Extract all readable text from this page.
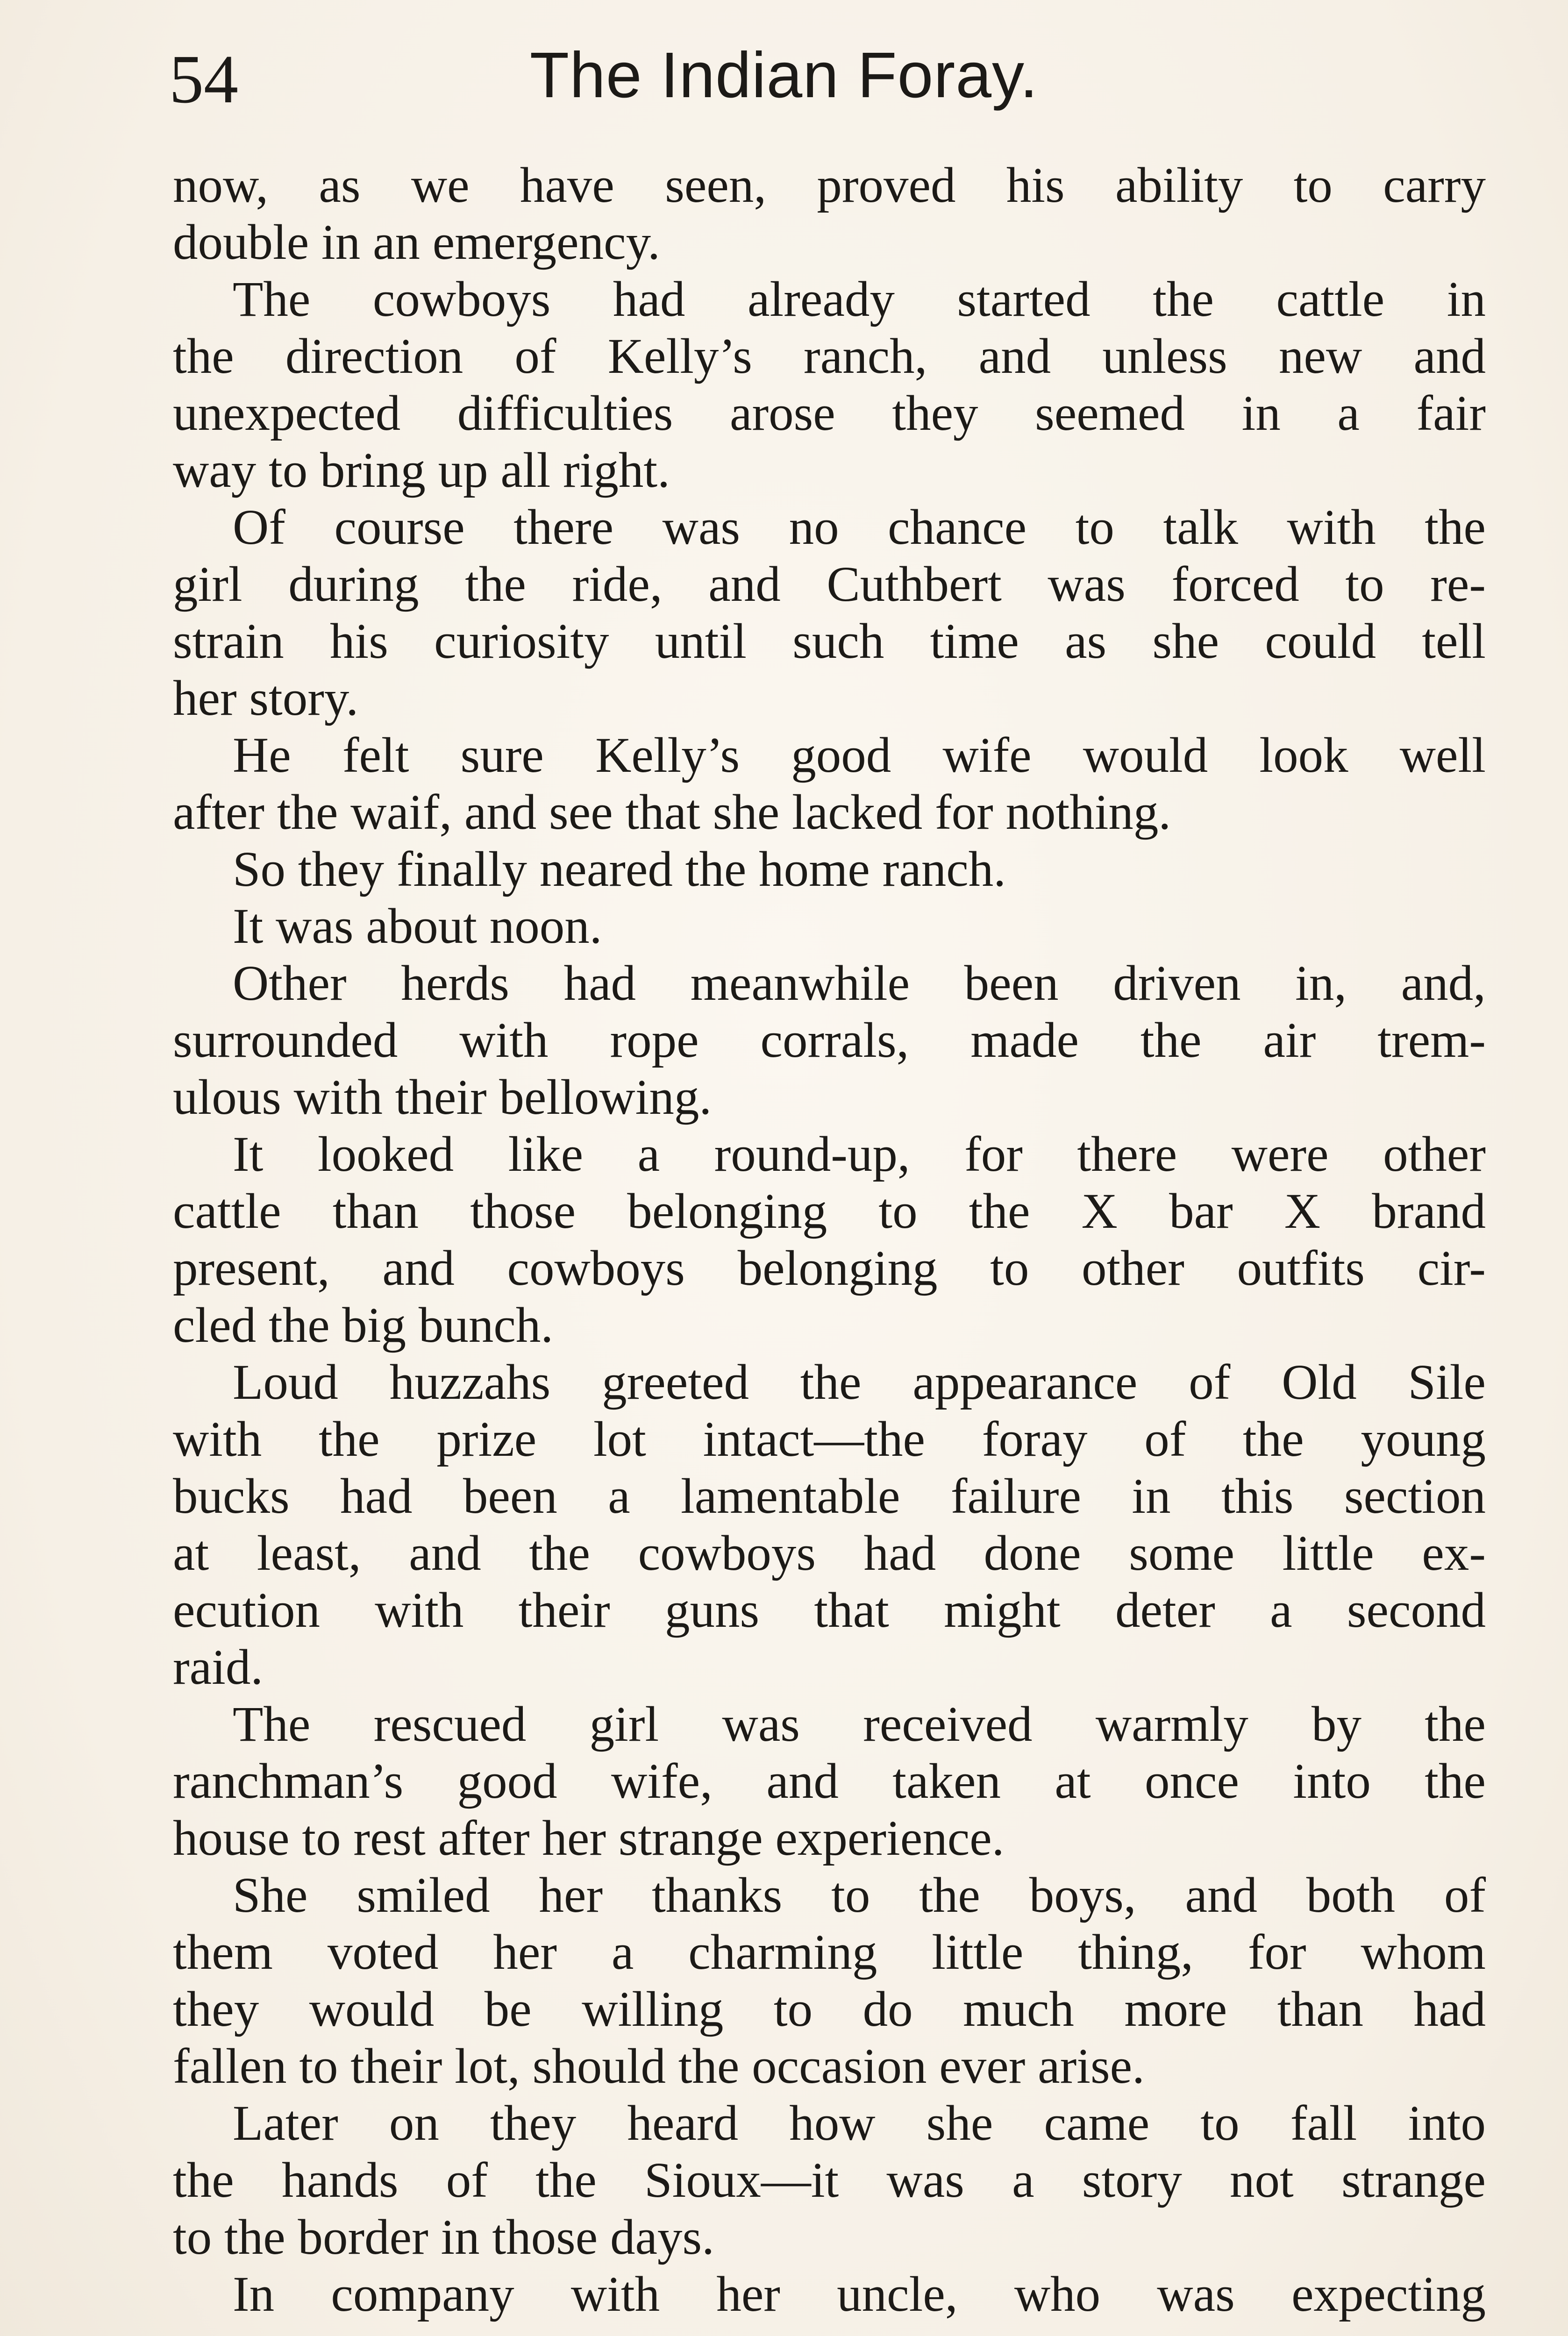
54	The Indian Foray.
now, as we have seen, proved his ability to carry
double in an emergency.
The cowboys had already started the cattle in
the direction of Kelly’s ranch, and unless new and
unexpected difficulties arose they seemed in a fair
way to bring up all right.
Of course there was no chance to talk with the
girl during the ride, and Cuthbert was forced to re-
strain his curiosity until such time as she could tell
her story.
He felt sure Kelly’s good wife would look well
after the waif, and see that she lacked for nothing.
So they finally neared the home ranch.
It was about noon.
Other herds had meanwhile been driven in, and,
surrounded with rope corrals, made the air trem-
ulous with their bellowing.
It looked like a round-up, for there were other
cattle than those belonging to the X bar X brand
present, and cowboys belonging to other outfits cir-
cled the big bunch.
Loud huzzahs greeted the appearance of Old Sile
with the prize lot intact—the foray of the young
bucks had been a lamentable failure in this section
at least, and the cowboys had done some little ex-
ecution with their guns that might deter a second
raid.
The rescued girl was received warmly by the
ranchman’s good wife, and taken at once into the
house to rest after her strange experience.
She smiled her thanks to the boys, and both of
them voted her a charming little thing, for whom
they would be willing to do much more than had
fallen to their lot, should the occasion ever arise.
Later on they heard how she came to fall into
the hands of the Sioux—it was a story not strange
to the border in those days.
In company with her uncle, who was expecting
